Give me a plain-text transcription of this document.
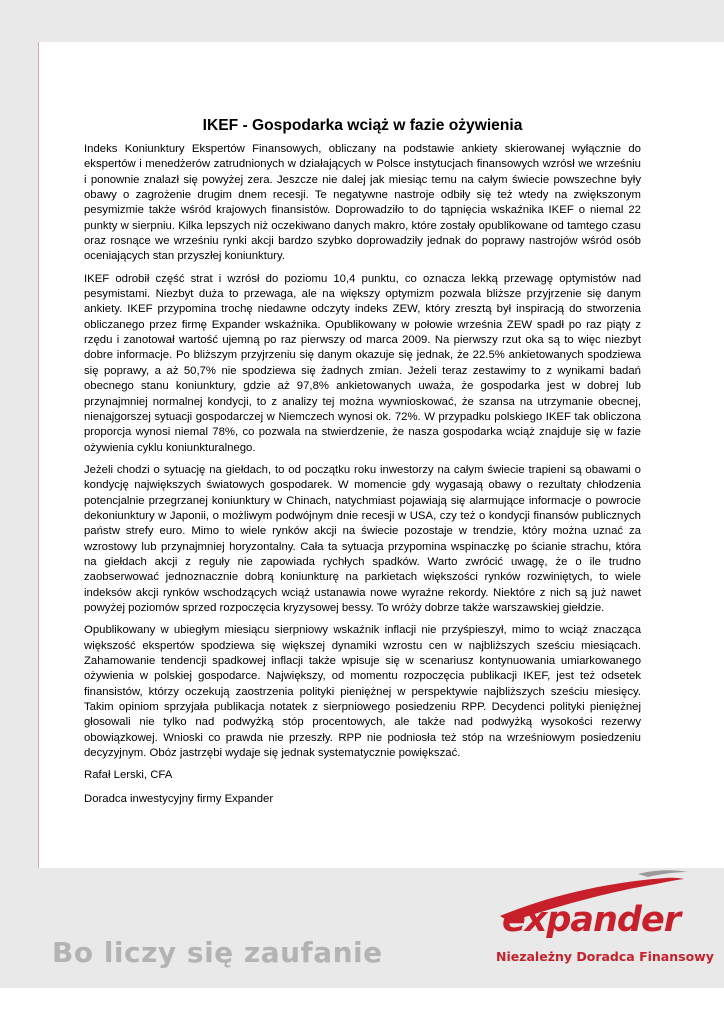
IKEF - Gospodarka wciąż w fazie ożywienia

Indeks Koniunktury Ekspertów Finansowych, obliczany na podstawie ankiety skierowanej wyłącznie do ekspertów i menedżerów zatrudnionych w działających w Polsce instytucjach finansowych wzrósł we wrześniu i ponownie znalazł się powyżej zera. Jeszcze nie dalej jak miesiąc temu na całym świecie powszechne były obawy o zagrożenie drugim dnem recesji. Te negatywne nastroje odbiły się też wtedy na zwiększonym pesymizmie także wśród krajowych finansistów. Doprowadziło to do tąpnięcia wskaźnika IKEF o niemal 22 punkty w sierpniu. Kilka lepszych niż oczekiwano danych makro, które zostały opublikowane od tamtego czasu oraz rosnące we wrześniu rynki akcji bardzo szybko doprowadziły jednak do poprawy nastrojów wśród osób oceniających stan przyszłej koniunktury.

IKEF odrobił część strat i wzrósł do poziomu 10,4 punktu, co oznacza lekką przewagę optymistów nad pesymistami. Niezbyt duża to przewaga, ale na większy optymizm pozwala bliższe przyjrzenie się danym ankiety. IKEF przypomina trochę niedawne odczyty indeks ZEW, który zresztą był inspiracją do stworzenia obliczanego przez firmę Expander wskaźnika. Opublikowany w połowie września ZEW spadł po raz piąty z rzędu i zanotował wartość ujemną po raz pierwszy od marca 2009. Na pierwszy rzut oka są to więc niezbyt dobre informacje. Po bliższym przyjrzeniu się danym okazuje się jednak, że 22.5% ankietowanych spodziewa się poprawy, a aż 50,7% nie spodziewa się żadnych zmian. Jeżeli teraz zestawimy to z wynikami badań obecnego stanu koniunktury, gdzie aż 97,8% ankietowanych uważa, że gospodarka jest w dobrej lub przynajmniej normalnej kondycji, to z analizy tej można wywnioskować, że szansa na utrzymanie obecnej, nienajgorszej sytuacji gospodarczej w Niemczech wynosi ok. 72%. W przypadku polskiego IKEF tak obliczona proporcja wynosi niemal 78%, co pozwala na stwierdzenie, że nasza gospodarka wciąż znajduje się w fazie ożywienia cyklu koniunkturalnego.

Jeżeli chodzi o sytuację na giełdach, to od początku roku inwestorzy na całym świecie trapieni są obawami o kondycję największych światowych gospodarek. W momencie gdy wygasają obawy o rezultaty chłodzenia potencjalnie przegrzanej koniunktury w Chinach, natychmiast pojawiają się alarmujące informacje o powrocie dekoniunktury w Japonii, o możliwym podwójnym dnie recesji w USA, czy też o kondycji finansów publicznych państw strefy euro. Mimo to wiele rynków akcji na świecie pozostaje w trendzie, który można uznać za wzrostowy lub przynajmniej horyzontalny. Cała ta sytuacja przypomina wspinaczkę po ścianie strachu, która na giełdach akcji z reguły nie zapowiada rychłych spadków. Warto zwrócić uwagę, że o ile trudno zaobserwować jednoznacznie dobrą koniunkturę na parkietach większości rynków rozwiniętych, to wiele indeksów akcji rynków wschodzących wciąż ustanawia nowe wyraźne rekordy. Niektóre z nich są już nawet powyżej poziomów sprzed rozpoczęcia kryzysowej bessy. To wróży dobrze także warszawskiej giełdzie.

Opublikowany w ubiegłym miesiącu sierpniowy wskaźnik inflacji nie przyśpieszył, mimo to wciąż znacząca większość ekspertów spodziewa się większej dynamiki wzrostu cen w najbliższych sześciu miesiącach. Zahamowanie tendencji spadkowej inflacji także wpisuje się w scenariusz kontynuowania umiarkowanego ożywienia w polskiej gospodarce. Największy, od momentu rozpoczęcia publikacji IKEF, jest też odsetek finansistów, którzy oczekują zaostrzenia polityki pieniężnej w perspektywie najbliższych sześciu miesięcy. Takim opiniom sprzyjała publikacja notatek z sierpniowego posiedzeniu RPP. Decydenci polityki pieniężnej głosowali nie tylko nad podwyżką stóp procentowych, ale także nad podwyżką wysokości rezerwy obowiązkowej. Wnioski co prawda nie przeszły. RPP nie podniosła też stóp na wrześniowym posiedzeniu decyzyjnym. Obóz jastrzębi wydaje się jednak systematycznie powiększać.

Rafał Lerski, CFA

Doradca inwestycyjny firmy Expander

Bo liczy się zaufanie
expander
Niezależny Doradca Finansowy
